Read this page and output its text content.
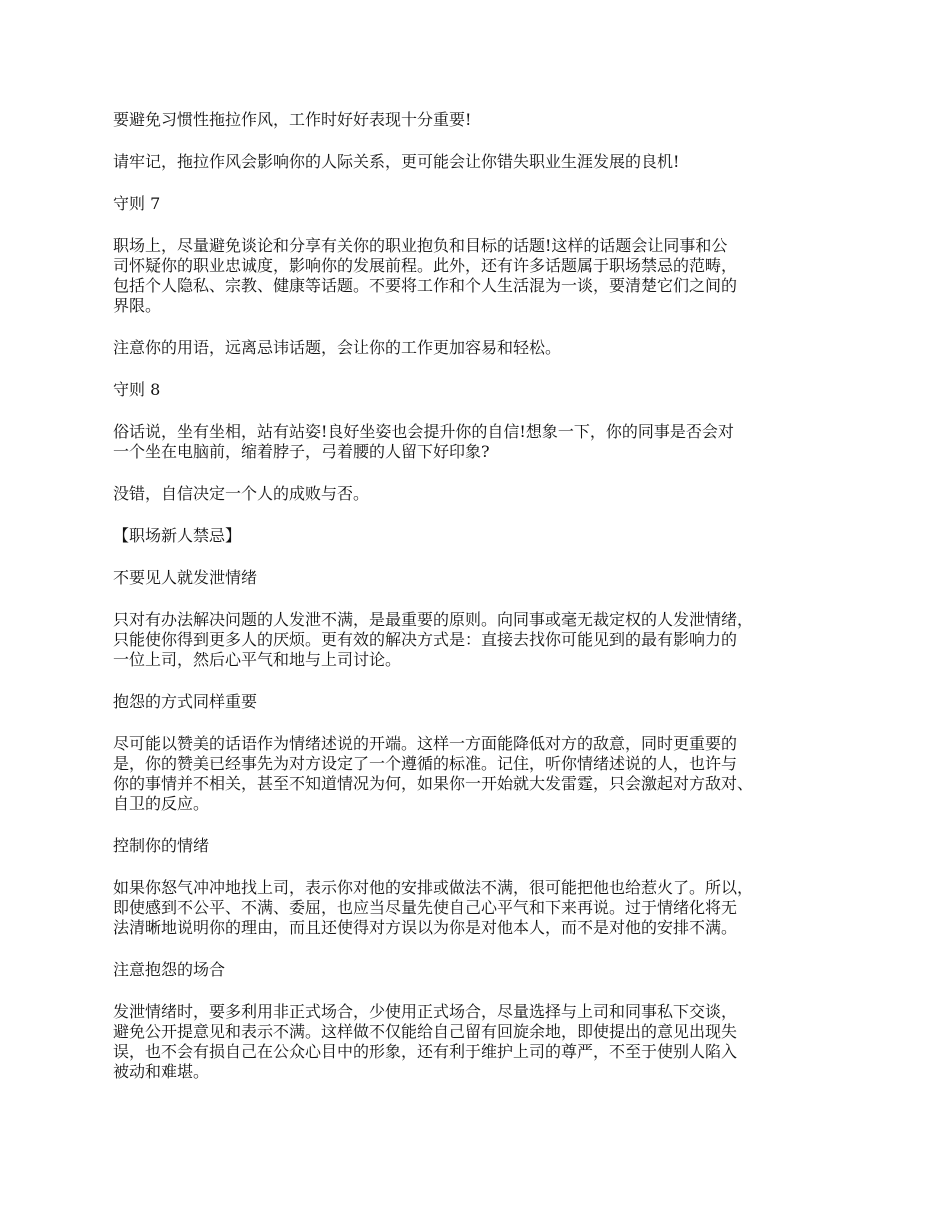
要避免习惯性拖拉作风，工作时好好表现十分重要!

请牢记，拖拉作风会影响你的人际关系，更可能会让你错失职业生涯发展的良机!

守则 7

职场上，尽量避免谈论和分享有关你的职业抱负和目标的话题!这样的话题会让同事和公
司怀疑你的职业忠诚度，影响你的发展前程。此外，还有许多话题属于职场禁忌的范畴，
包括个人隐私、宗教、健康等话题。不要将工作和个人生活混为一谈，要清楚它们之间的
界限。

注意你的用语，远离忌讳话题，会让你的工作更加容易和轻松。

守则 8

俗话说，坐有坐相，站有站姿!良好坐姿也会提升你的自信!想象一下，你的同事是否会对
一个坐在电脑前，缩着脖子，弓着腰的人留下好印象?

没错，自信决定一个人的成败与否。

【职场新人禁忌】

不要见人就发泄情绪

只对有办法解决问题的人发泄不满，是最重要的原则。向同事或毫无裁定权的人发泄情绪，
只能使你得到更多人的厌烦。更有效的解决方式是：直接去找你可能见到的最有影响力的
一位上司，然后心平气和地与上司讨论。

抱怨的方式同样重要

尽可能以赞美的话语作为情绪述说的开端。这样一方面能降低对方的敌意，同时更重要的
是，你的赞美已经事先为对方设定了一个遵循的标准。记住，听你情绪述说的人，也许与
你的事情并不相关，甚至不知道情况为何，如果你一开始就大发雷霆，只会激起对方敌对、
自卫的反应。

控制你的情绪

如果你怒气冲冲地找上司，表示你对他的安排或做法不满，很可能把他也给惹火了。所以，
即使感到不公平、不满、委屈，也应当尽量先使自己心平气和下来再说。过于情绪化将无
法清晰地说明你的理由，而且还使得对方误以为你是对他本人，而不是对他的安排不满。

注意抱怨的场合

发泄情绪时，要多利用非正式场合，少使用正式场合，尽量选择与上司和同事私下交谈，
避免公开提意见和表示不满。这样做不仅能给自己留有回旋余地，即使提出的意见出现失
误，也不会有损自己在公众心目中的形象，还有利于维护上司的尊严，不至于使别人陷入
被动和难堪。
